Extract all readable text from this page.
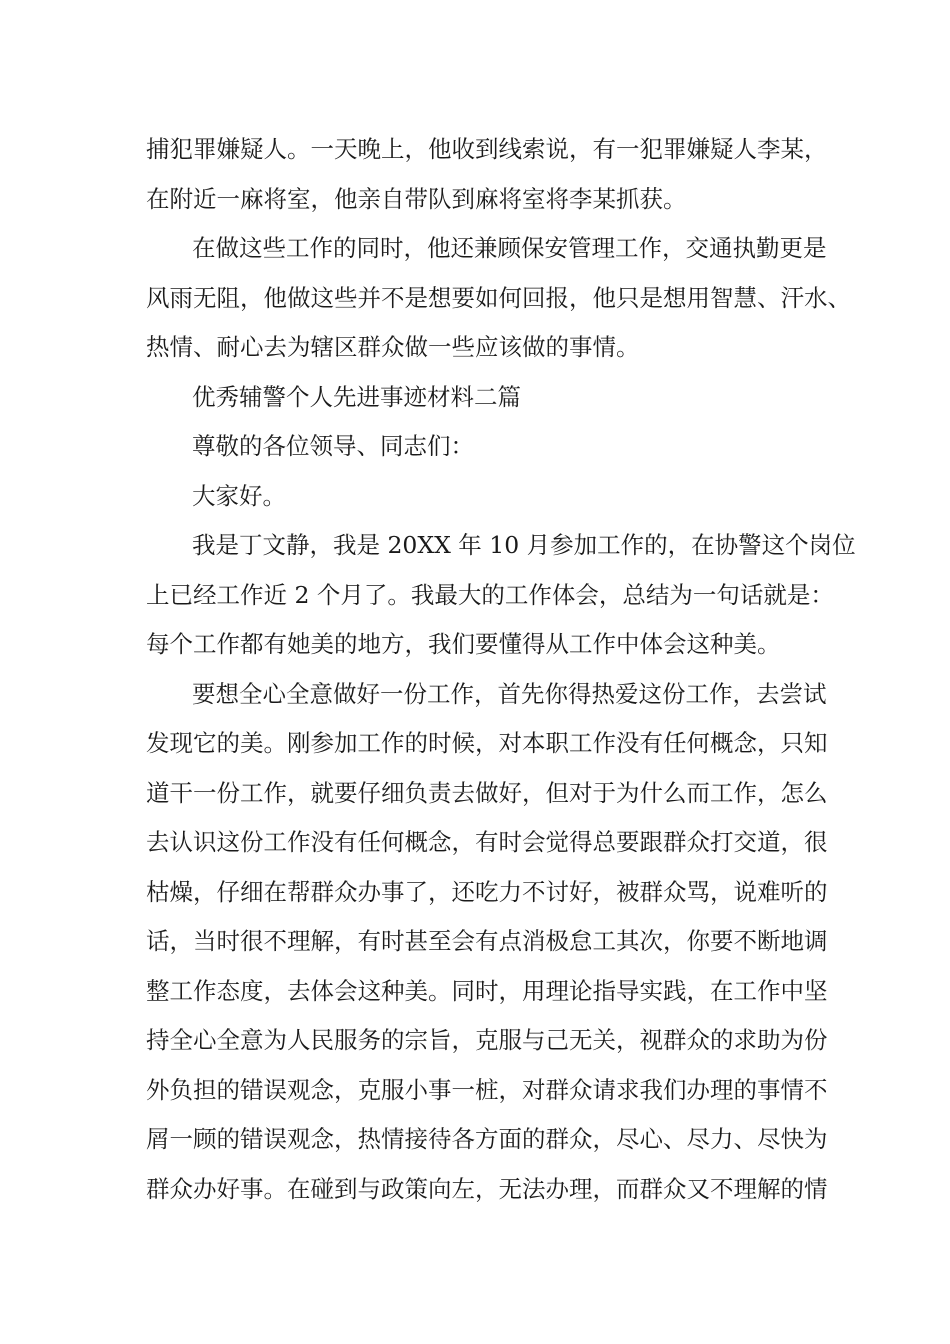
捕犯罪嫌疑人。一天晚上，他收到线索说，有一犯罪嫌疑人李某，
在附近一麻将室，他亲自带队到麻将室将李某抓获。
在做这些工作的同时，他还兼顾保安管理工作，交通执勤更是
风雨无阻，他做这些并不是想要如何回报，他只是想用智慧、汗水、
热情、耐心去为辖区群众做一些应该做的事情。
优秀辅警个人先进事迹材料二篇
尊敬的各位领导、同志们：
大家好。
我是丁文静，我是 20XX 年 10 月参加工作的，在协警这个岗位
上已经工作近 2 个月了。我最大的工作体会，总结为一句话就是：
每个工作都有她美的地方，我们要懂得从工作中体会这种美。
要想全心全意做好一份工作，首先你得热爱这份工作，去尝试
发现它的美。刚参加工作的时候，对本职工作没有任何概念，只知
道干一份工作，就要仔细负责去做好，但对于为什么而工作，怎么
去认识这份工作没有任何概念，有时会觉得总要跟群众打交道，很
枯燥，仔细在帮群众办事了，还吃力不讨好，被群众骂，说难听的
话，当时很不理解，有时甚至会有点消极怠工其次，你要不断地调
整工作态度，去体会这种美。同时，用理论指导实践，在工作中坚
持全心全意为人民服务的宗旨，克服与己无关，视群众的求助为份
外负担的错误观念，克服小事一桩，对群众请求我们办理的事情不
屑一顾的错误观念，热情接待各方面的群众，尽心、尽力、尽快为
群众办好事。在碰到与政策向左，无法办理，而群众又不理解的情
